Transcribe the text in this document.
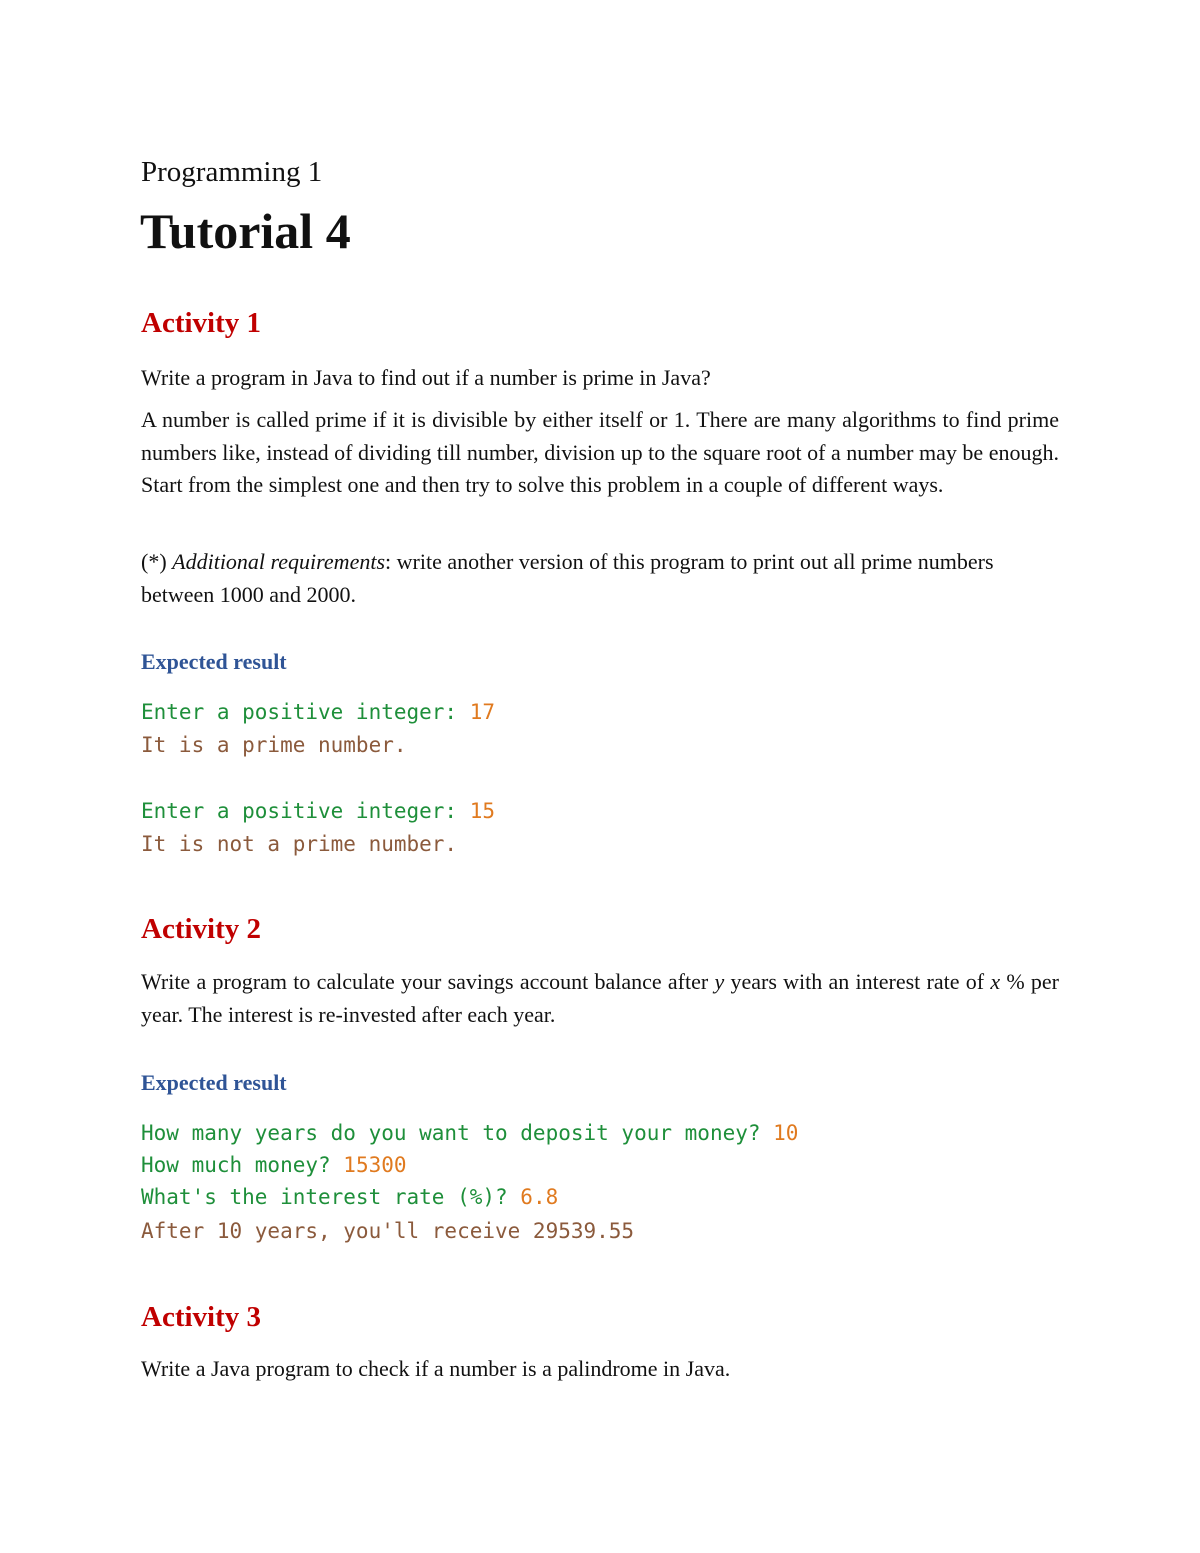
Programming 1
Tutorial 4
Activity 1
Write a program in Java to find out if a number is prime in Java?
A number is called prime if it is divisible by either itself or 1. There are many algorithms to find prime numbers like, instead of dividing till number, division up to the square root of a number may be enough. Start from the simplest one and then try to solve this problem in a couple of different ways.
(*) Additional requirements: write another version of this program to print out all prime numbers between 1000 and 2000.
Expected result
Enter a positive integer: 17
It is a prime number.
Enter a positive integer: 15
It is not a prime number.
Activity 2
Write a program to calculate your savings account balance after y years with an interest rate of x % per year. The interest is re-invested after each year.
Expected result
How many years do you want to deposit your money? 10
How much money? 15300
What's the interest rate (%)? 6.8
After 10 years, you'll receive 29539.55
Activity 3
Write a Java program to check if a number is a palindrome in Java.
